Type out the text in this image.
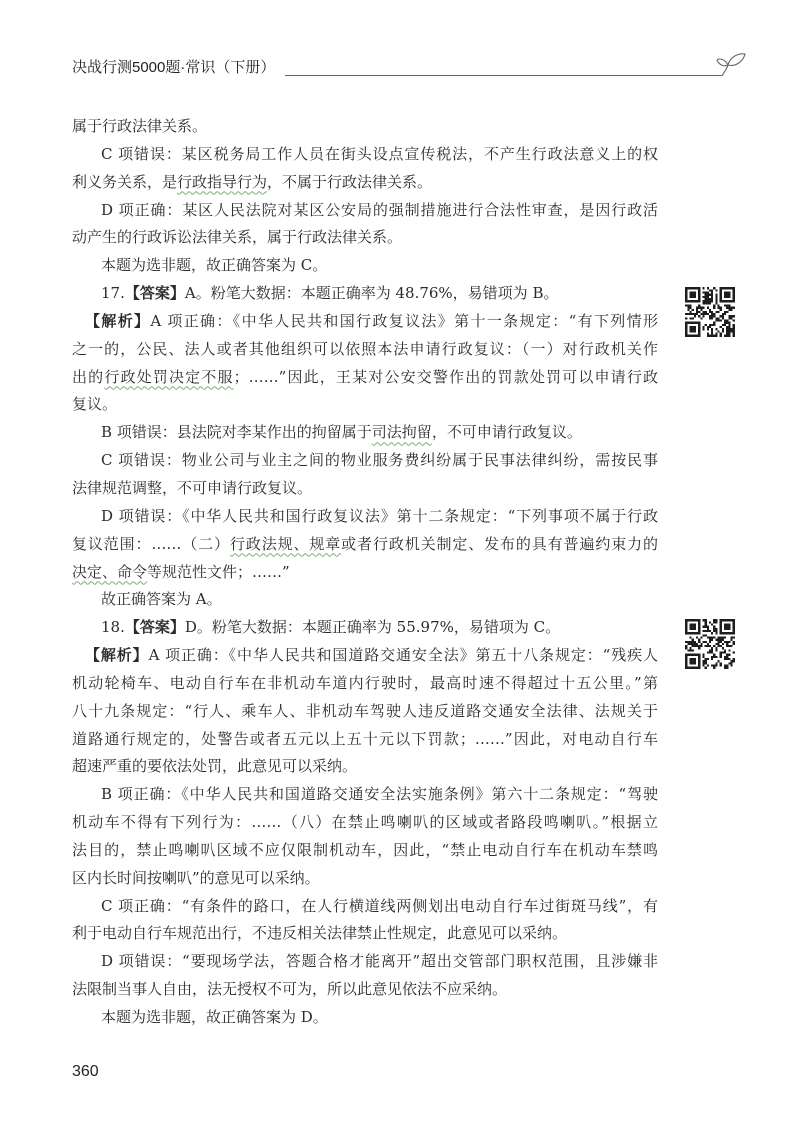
决战行测5000题·常识（下册）
属于行政法律关系。
C 项错误：某区税务局工作人员在街头设点宣传税法，不产生行政法意义上的权
利义务关系，是行政指导行为，不属于行政法律关系。
D 项正确：某区人民法院对某区公安局的强制措施进行合法性审查，是因行政活
动产生的行政诉讼法律关系，属于行政法律关系。
本题为选非题，故正确答案为 C。
17.【答案】A。粉笔大数据：本题正确率为 48.76%，易错项为 B。
【解析】A 项正确：《中华人民共和国行政复议法》第十一条规定：“有下列情形
之一的，公民、法人或者其他组织可以依照本法申请行政复议：（一）对行政机关作
出的行政处罚决定不服；……”因此，王某对公安交警作出的罚款处罚可以申请行政
复议。
B 项错误：县法院对李某作出的拘留属于司法拘留，不可申请行政复议。
C 项错误：物业公司与业主之间的物业服务费纠纷属于民事法律纠纷，需按民事
法律规范调整，不可申请行政复议。
D 项错误：《中华人民共和国行政复议法》第十二条规定：“下列事项不属于行政
复议范围：……（二）行政法规、规章或者行政机关制定、发布的具有普遍约束力的
决定、命令等规范性文件；……”
故正确答案为 A。
18.【答案】D。粉笔大数据：本题正确率为 55.97%，易错项为 C。
【解析】A 项正确：《中华人民共和国道路交通安全法》第五十八条规定：“残疾人
机动轮椅车、电动自行车在非机动车道内行驶时，最高时速不得超过十五公里。”第
八十九条规定：“行人、乘车人、非机动车驾驶人违反道路交通安全法律、法规关于
道路通行规定的，处警告或者五元以上五十元以下罚款；……”因此，对电动自行车
超速严重的要依法处罚，此意见可以采纳。
B 项正确：《中华人民共和国道路交通安全法实施条例》第六十二条规定：“驾驶
机动车不得有下列行为：……（八）在禁止鸣喇叭的区域或者路段鸣喇叭。”根据立
法目的，禁止鸣喇叭区域不应仅限制机动车，因此，“禁止电动自行车在机动车禁鸣
区内长时间按喇叭”的意见可以采纳。
C 项正确：“有条件的路口，在人行横道线两侧划出电动自行车过街斑马线”，有
利于电动自行车规范出行，不违反相关法律禁止性规定，此意见可以采纳。
D 项错误：“要现场学法，答题合格才能离开”超出交管部门职权范围，且涉嫌非
法限制当事人自由，法无授权不可为，所以此意见依法不应采纳。
本题为选非题，故正确答案为 D。
360
